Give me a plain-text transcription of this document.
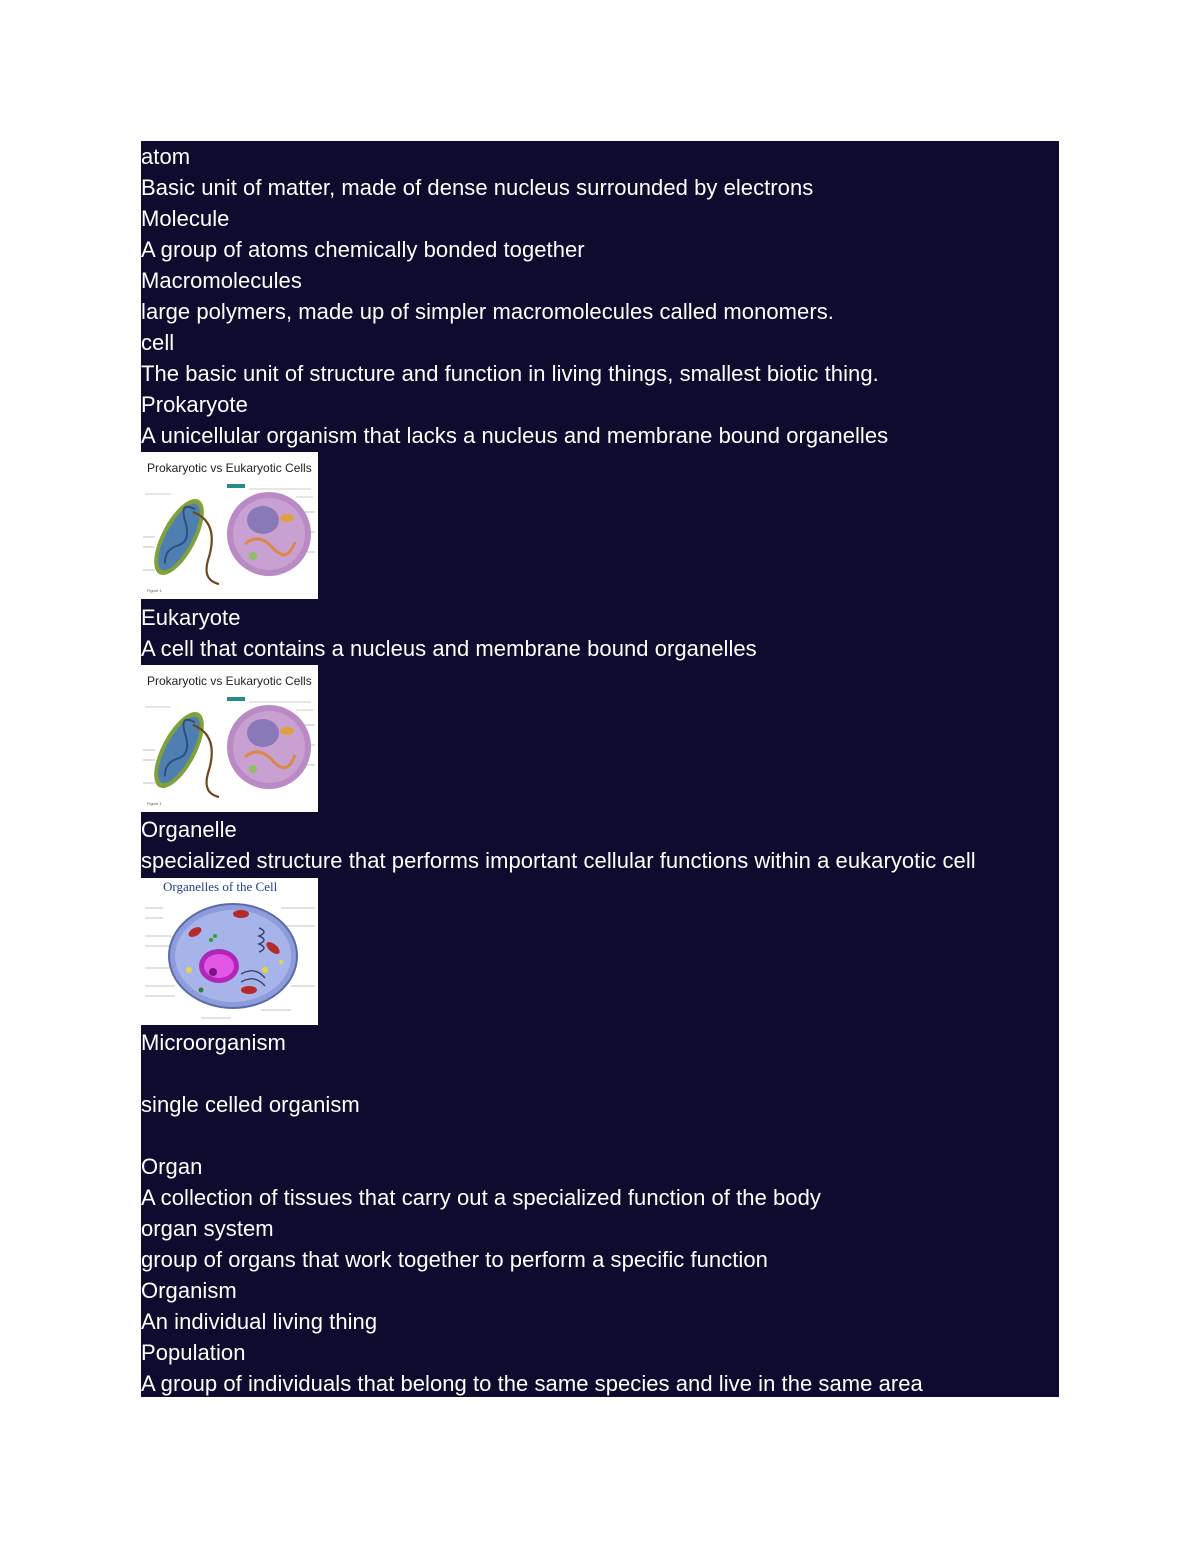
atom
Basic unit of matter, made of dense nucleus surrounded by electrons
Molecule
A group of atoms chemically bonded together
Macromolecules
large polymers, made up of simpler macromolecules called monomers.
cell
The basic unit of structure and function in living things, smallest biotic thing.
Prokaryote
A unicellular organism that lacks a nucleus and membrane bound organelles
Prokaryotic vs Eukaryotic Cells
Figure 1
Eukaryote
A cell that contains a nucleus and membrane bound organelles
Prokaryotic vs Eukaryotic Cells
Figure 1
Organelle
specialized structure that performs important cellular functions within a eukaryotic cell
Organelles of the Cell
Microorganism
single celled organism
Organ
A collection of tissues that carry out a specialized function of the body
organ system
group of organs that work together to perform a specific function
Organism
An individual living thing
Population
A group of individuals that belong to the same species and live in the same area
